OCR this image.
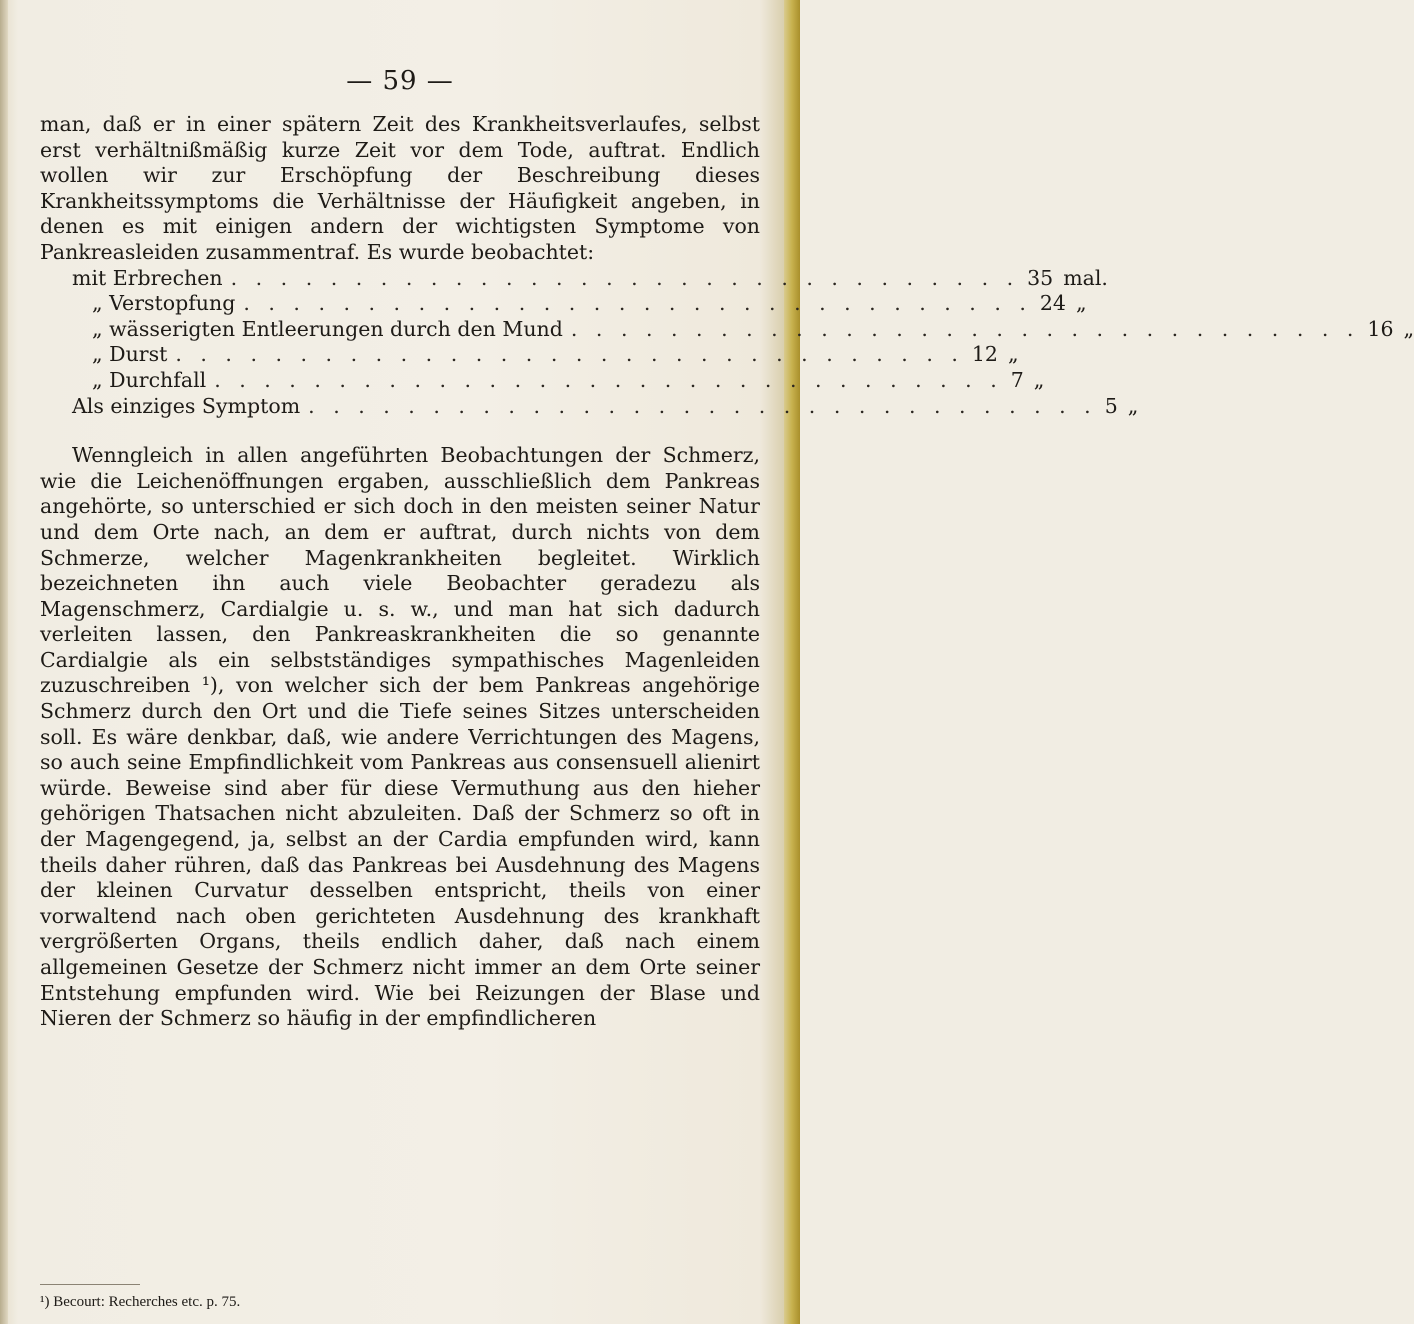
— 59 —

man, daß er in einer spätern Zeit des Krankheitsverlaufes, selbst erst verhältnißmäßig kurze Zeit vor dem Tode, auftrat. Endlich wollen wir zur Erschöpfung der Beschreibung dieses Krankheitssymptoms die Verhältnisse der Häufigkeit angeben, in denen es mit einigen andern der wichtigsten Symptome von Pankreasleiden zusammentraf. Es wurde beobachtet:

mit Erbrechen . . . . . . . . . . . . . . . . . . . . . . . . . . . . . . . . 35 mal.
„ Verstopfung . . . . . . . . . . . . . . . . . . . . . . . . . . . . . . . . 24 „
„ wässerigten Entleerungen durch den Mund . . . . . . . . . . . . . . . . . . . . . . . . . . . . . . . . 16 „
„ Durst . . . . . . . . . . . . . . . . . . . . . . . . . . . . . . . . 12 „
„ Durchfall . . . . . . . . . . . . . . . . . . . . . . . . . . . . . . . . 7 „
Als einziges Symptom . . . . . . . . . . . . . . . . . . . . . . . . . . . . . . . . 5 „

Wenngleich in allen angeführten Beobachtungen der Schmerz, wie die Leichenöffnungen ergaben, ausschließlich dem Pankreas angehörte, so unterschied er sich doch in den meisten seiner Natur und dem Orte nach, an dem er auftrat, durch nichts von dem Schmerze, welcher Magenkrankheiten begleitet. Wirklich bezeichneten ihn auch viele Beobachter geradezu als Magenschmerz, Cardialgie u. s. w., und man hat sich dadurch verleiten lassen, den Pankreaskrankheiten die so genannte Cardialgie als ein selbstständiges sympathisches Magenleiden zuzuschreiben ¹), von welcher sich der bem Pankreas angehörige Schmerz durch den Ort und die Tiefe seines Sitzes unterscheiden soll. Es wäre denkbar, daß, wie andere Verrichtungen des Magens, so auch seine Empfindlichkeit vom Pankreas aus consensuell alienirt würde. Beweise sind aber für diese Vermuthung aus den hieher gehörigen Thatsachen nicht abzuleiten. Daß der Schmerz so oft in der Magengegend, ja, selbst an der Cardia empfunden wird, kann theils daher rühren, daß das Pankreas bei Ausdehnung des Magens der kleinen Curvatur desselben entspricht, theils von einer vorwaltend nach oben gerichteten Ausdehnung des krankhaft vergrößerten Organs, theils endlich daher, daß nach einem allgemeinen Gesetze der Schmerz nicht immer an dem Orte seiner Entstehung empfunden wird. Wie bei Reizungen der Blase und Nieren der Schmerz so häufig in der empfindlicheren

¹) Becourt: Recherches etc. p. 75.
